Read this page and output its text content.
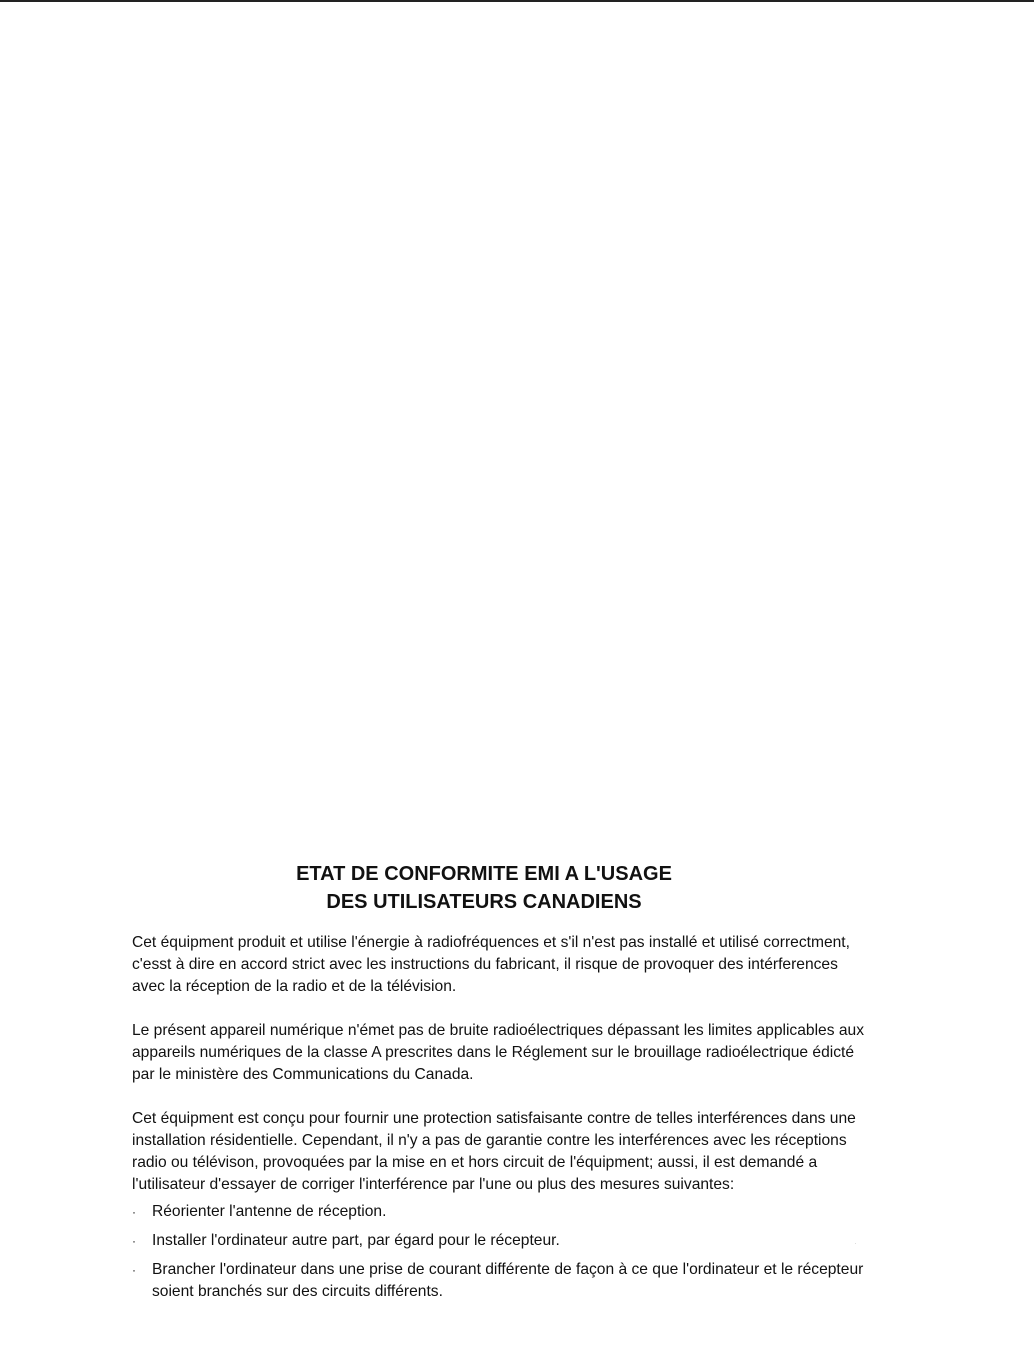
ETAT DE CONFORMITE EMI A L'USAGE
DES UTILISATEURS CANADIENS

Cet équipment produit et utilise l'énergie à radiofréquences et s'il n'est pas installé et utilisé correctment, c'esst à dire en accord strict avec les instructions du fabricant, il risque de provoquer des intérferences avec la réception de la radio et de la télévision.

Le présent appareil numérique n'émet pas de bruite radioélectriques dépassant les limites applicables aux appareils numériques de la classe A prescrites dans le Réglement sur le brouillage radioélectrique édicté par le ministère des Communications du Canada.

Cet équipment est conçu pour fournir une protection satisfaisante contre de telles interférences dans une installation résidentielle. Cependant, il n'y a pas de garantie contre les interférences avec les réceptions radio ou télévison, provoquées par la mise en et hors circuit de l'équipment; aussi, il est demandé a l'utilisateur d'essayer de corriger l'interférence par l'une ou plus des mesures suivantes:

·	Réorienter l'antenne de réception.
·	Installer l'ordinateur autre part, par égard pour le récepteur.
·	Brancher l'ordinateur dans une prise de courant différente de façon à ce que l'ordinateur et le récepteur soient branchés sur des circuits différents.
